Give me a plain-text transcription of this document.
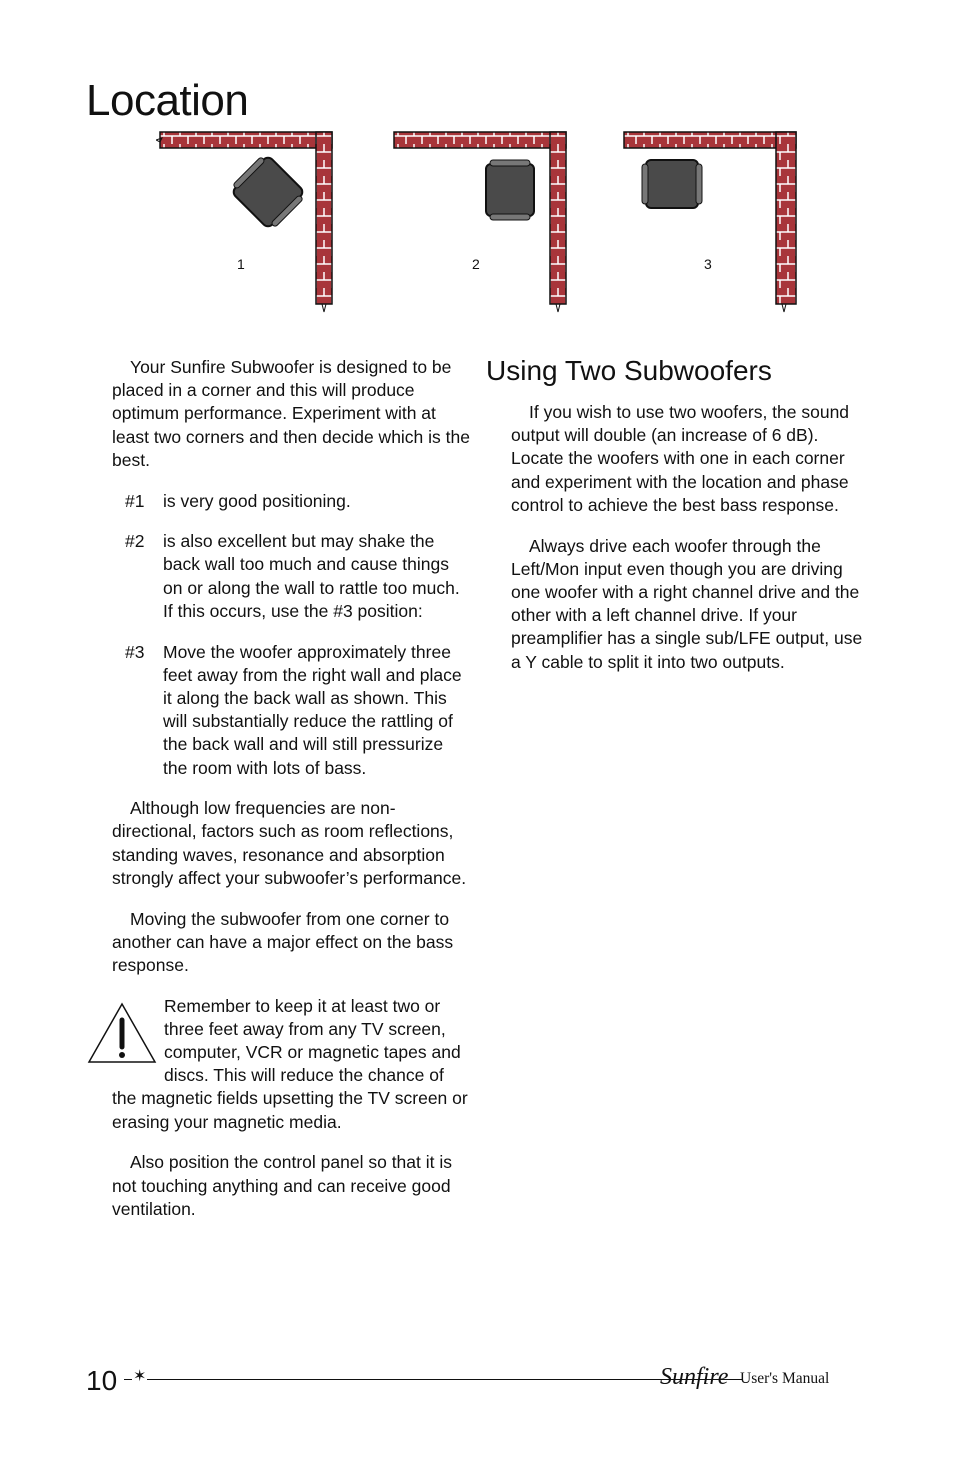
Location
1	2	3

Your Sunfire Subwoofer is designed to be placed in a corner and this will produce optimum performance. Experiment with at least two corners and then decide which is the best.

#1 is very good positioning.
#2 is also excellent but may shake the back wall too much and cause things on or along the wall to rattle too much. If this occurs, use the #3 position:
#3 Move the woofer approximately three feet away from the right wall and place it along the back wall as shown. This will substantially reduce the rattling of the back wall and will still pressurize the room with lots of bass.

Although low frequencies are non-directional, factors such as room reflections, standing waves, resonance and absorption strongly affect your subwoofer’s performance.

Moving the subwoofer from one corner to another can have a major effect on the bass response.

Remember to keep it at least two or three feet away from any TV screen, computer, VCR or magnetic tapes and discs. This will reduce the chance of the magnetic fields upsetting the TV screen or erasing your magnetic media.

Also position the control panel so that it is not touching anything and can receive good ventilation.

Using Two Subwoofers

If you wish to use two woofers, the sound output will double (an increase of 6 dB). Locate the woofers with one in each corner and experiment with the location and phase control to achieve the best bass response.

Always drive each woofer through the Left/Mon input even though you are driving one woofer with a right channel drive and the other with a left channel drive. If your preamplifier has a single sub/LFE output, use a Y cable to split it into two outputs.

10 ✶	Sunfire User's Manual
